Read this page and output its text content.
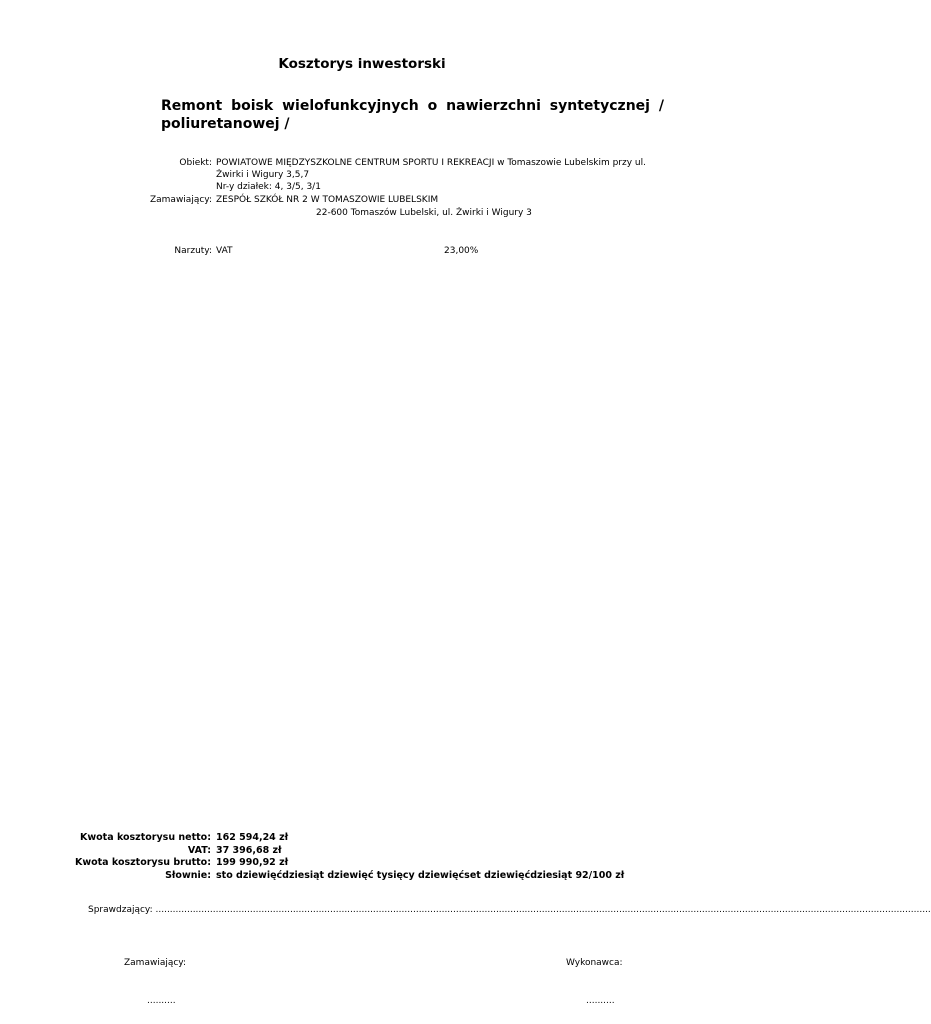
Kosztorys inwestorski
Remont boisk wielofunkcyjnych o nawierzchni syntetycznej / poliuretanowej /
Obiekt: POWIATOWE MIĘDZYSZKOLNE CENTRUM SPORTU I REKREACJI w Tomaszowie Lubelskim przy ul.
Żwirki i Wigury 3,5,7
Nr-y działek: 4, 3/5, 3/1
Zamawiający: ZESPÓŁ SZKÓŁ NR 2 W TOMASZOWIE LUBELSKIM
22-600 Tomaszów Lubelski, ul. Żwirki i Wigury 3
Narzuty: VAT	23,00%
Kwota kosztorysu netto: 162 594,24 zł
VAT: 37 396,68 zł
Kwota kosztorysu brutto: 199 990,92 zł
Słownie: sto dziewięćdziesiąt dziewięć tysięcy dziewięćset dziewięćdziesiąt 92/100 zł
Sprawdzający: ...............................................................................................................................................................................................................................................................................
Zamawiający:	Wykonawca:
..........	..........
